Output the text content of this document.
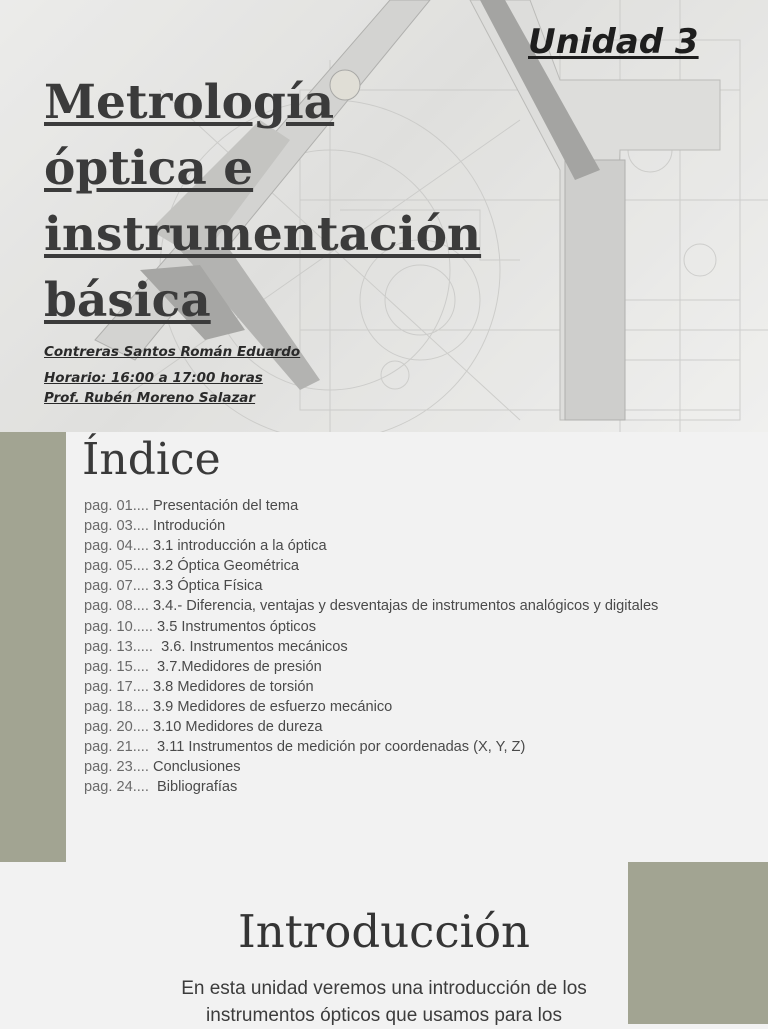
Unidad 3
Metrología
óptica e
instrumentación
básica

Contreras Santos Román Eduardo

Horario: 16:00 a 17:00 horas

Prof. Rubén Moreno Salazar

Índice
pag. 01.... Presentación del tema
pag. 03.... Introdución
pag. 04.... 3.1 introducción a la óptica
pag. 05.... 3.2 Óptica Geométrica
pag. 07.... 3.3 Óptica Física
pag. 08.... 3.4.- Diferencia, ventajas y desventajas de instrumentos analógicos y digitales
pag. 10..... 3.5 Instrumentos ópticos
pag. 13.....  3.6. Instrumentos mecánicos
pag. 15....  3.7.Medidores de presión
pag. 17.... 3.8 Medidores de torsión
pag. 18.... 3.9 Medidores de esfuerzo mecánico
pag. 20.... 3.10 Medidores de dureza
pag. 21....  3.11 Instrumentos de medición por coordenadas (X, Y, Z)
pag. 23.... Conclusiones
pag. 24....  Bibliografías
Introducción

En esta unidad veremos una introducción de los instrumentos ópticos que usamos para los
